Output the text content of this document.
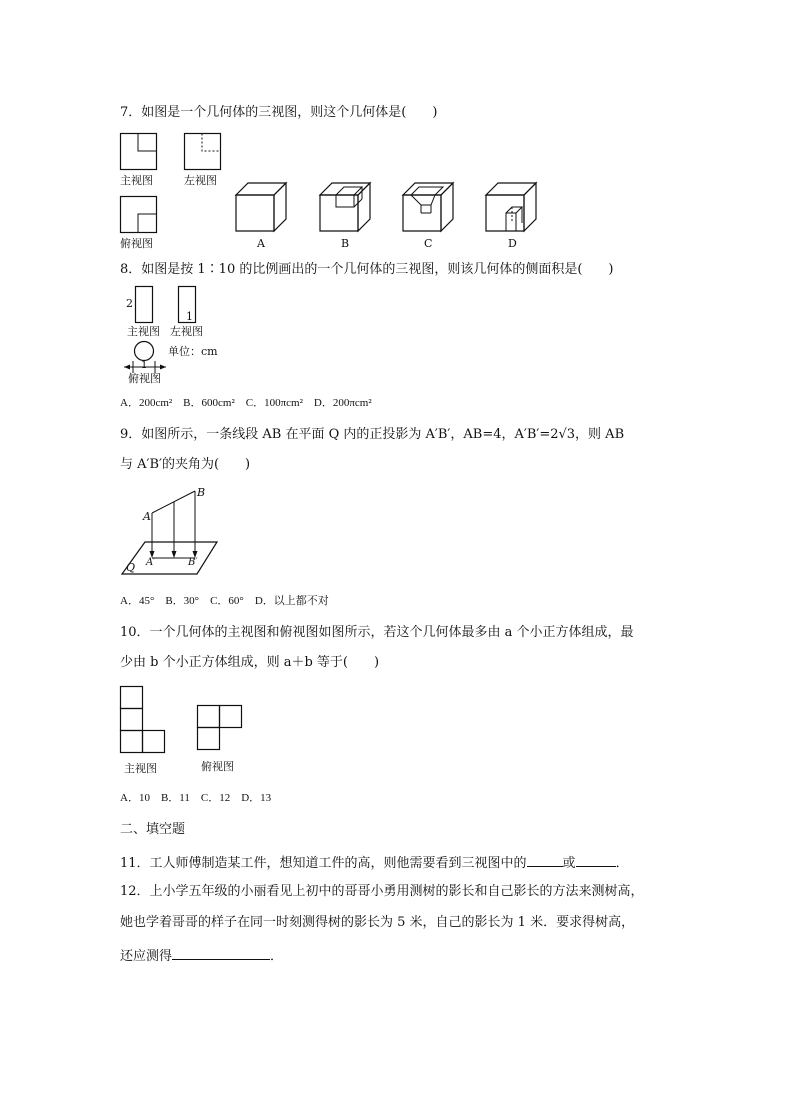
7．如图是一个几何体的三视图，则这个几何体是(　　)
主视图	左视图
俯视图	A	B	C	D
8．如图是按 1∶10 的比例画出的一个几何体的三视图，则该几何体的侧面积是(　　)
2
1
主视图 左视图
单位：cm
1
俯视图
A．200cm²　B．600cm²　C．100πcm²　D．200πcm²
9．如图所示，一条线段 AB 在平面 Q 内的正投影为 A′B′，AB=4，A′B′=2√3，则 AB
与 A′B′的夹角为(　　)
A
B
A′	B′
Q
A．45°　B．30°　C．60°　D．以上都不对
10．一个几何体的主视图和俯视图如图所示，若这个几何体最多由 a 个小正方体组成，最
少由 b 个小正方体组成，则 a＋b 等于(　　)
主视图	俯视图
A．10　B．11　C．12　D．13
二、填空题
11．工人师傅制造某工件，想知道工件的高，则他需要看到三视图中的	或	．
12．上小学五年级的小丽看见上初中的哥哥小勇用测树的影长和自己影长的方法来测树高，
她也学着哥哥的样子在同一时刻测得树的影长为 5 米，自己的影长为 1 米．要求得树高，
还应测得	．
